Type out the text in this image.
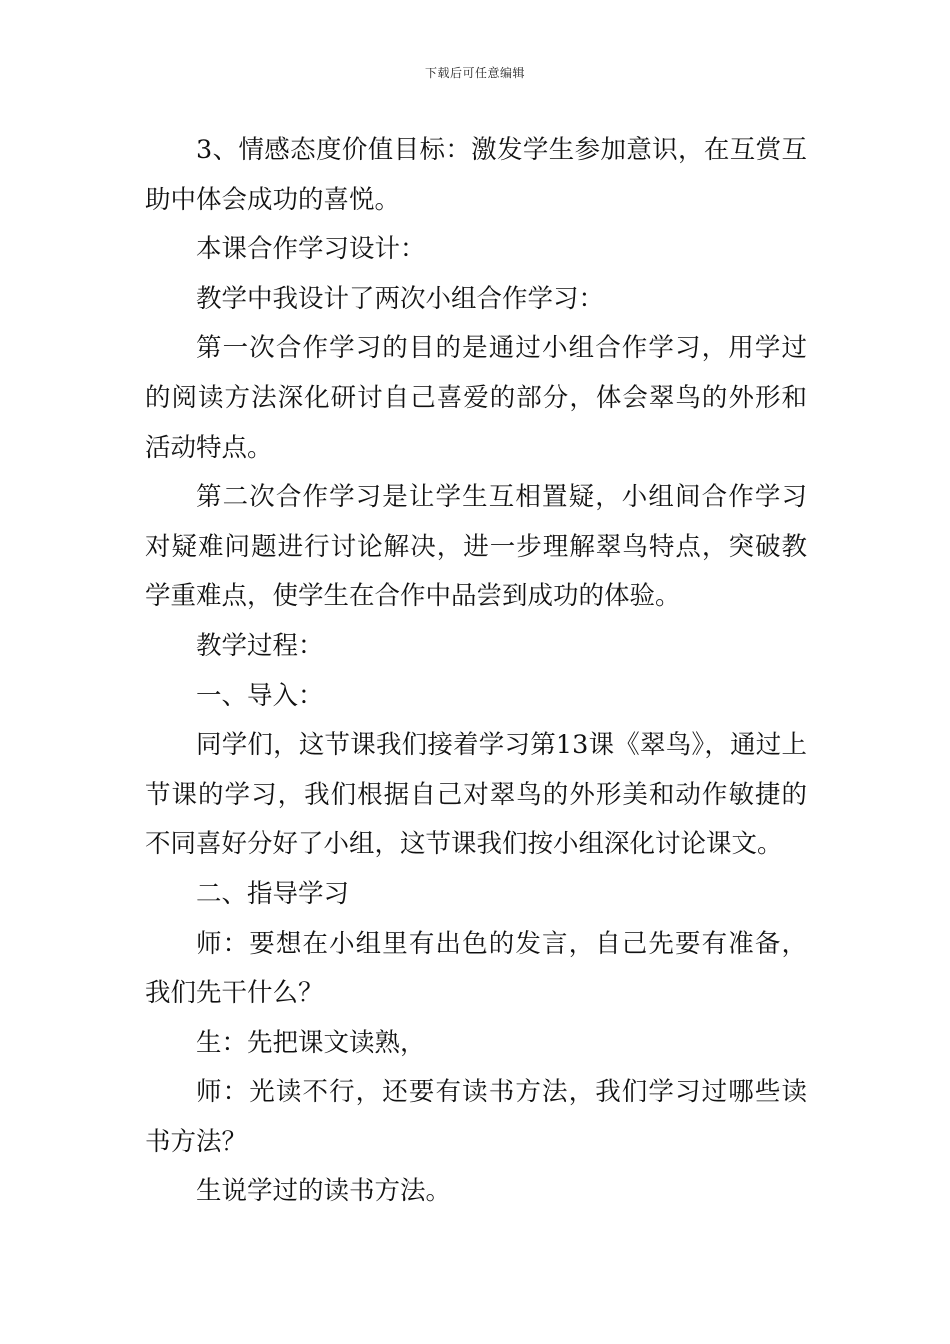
下载后可任意编辑

3、情感态度价值目标：激发学生参加意识，在互赏互助中体会成功的喜悦。

本课合作学习设计：

教学中我设计了两次小组合作学习：

第一次合作学习的目的是通过小组合作学习，用学过的阅读方法深化研讨自己喜爱的部分，体会翠鸟的外形和活动特点。

第二次合作学习是让学生互相置疑，小组间合作学习对疑难问题进行讨论解决，进一步理解翠鸟特点，突破教学重难点，使学生在合作中品尝到成功的体验。

教学过程：

一、导入：

同学们，这节课我们接着学习第13课《翠鸟》，通过上节课的学习，我们根据自己对翠鸟的外形美和动作敏捷的不同喜好分好了小组，这节课我们按小组深化讨论课文。

二、指导学习

师：要想在小组里有出色的发言，自己先要有准备，我们先干什么？

生：先把课文读熟，

师：光读不行，还要有读书方法，我们学习过哪些读书方法？

生说学过的读书方法。
